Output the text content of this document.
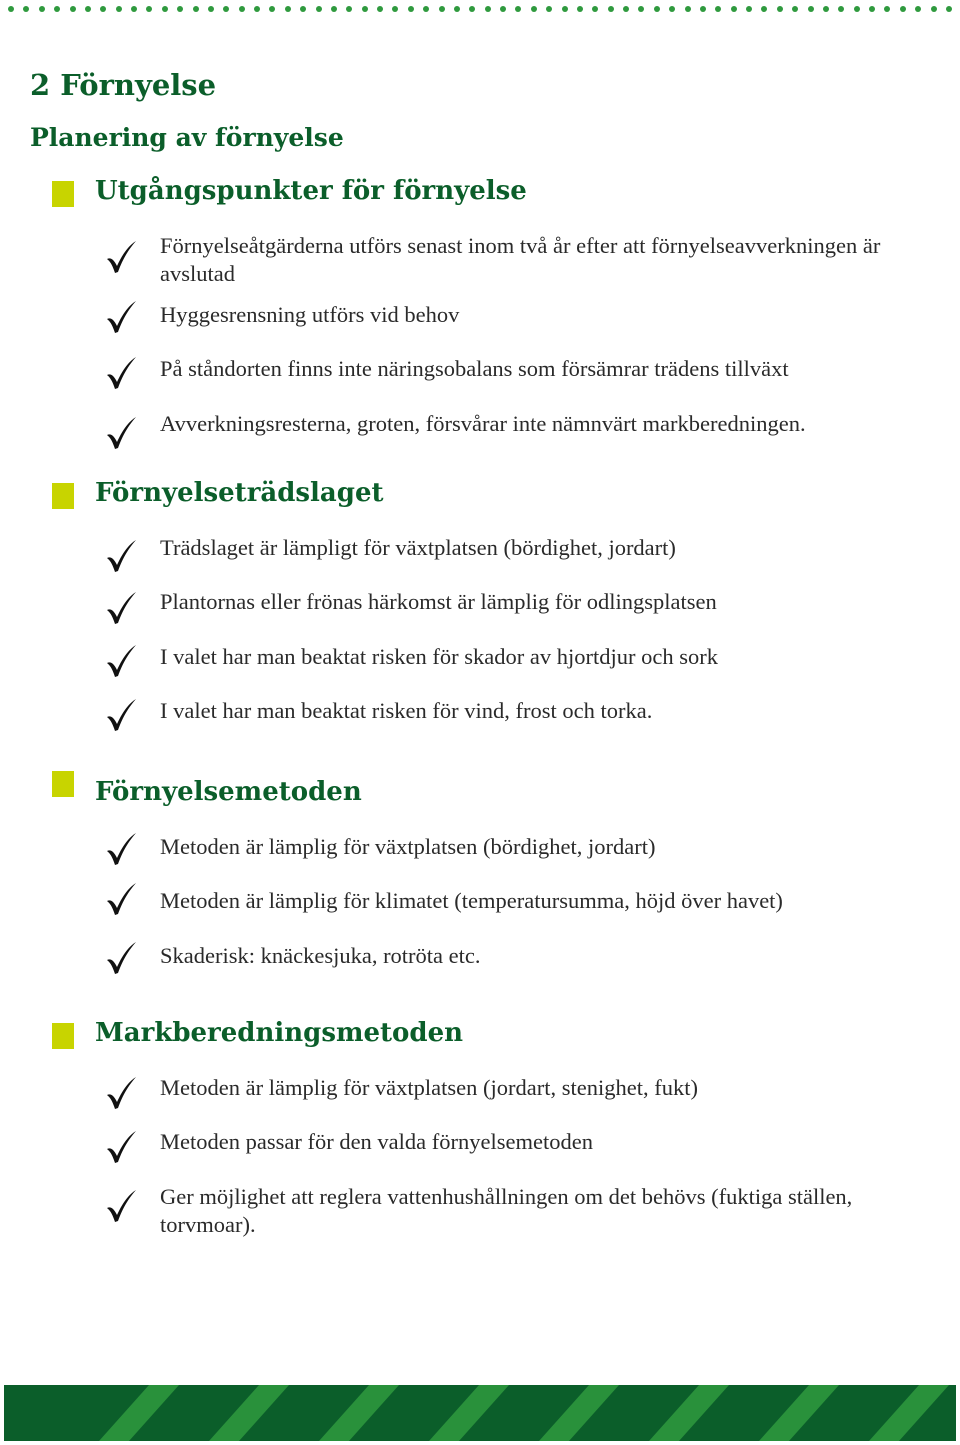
2 Förnyelse
Planering av förnyelse
Utgångspunkter för förnyelse
Förnyelseåtgärderna utförs senast inom två år efter att förnyelseavverkningen är avslutad
Hyggesrensning utförs vid behov
På ståndorten finns inte näringsobalans som försämrar trädens tillväxt
Avverkningsresterna, groten, försvårar inte nämnvärt markberedningen.
Förnyelseträdslaget
Trädslaget är lämpligt för växtplatsen (bördighet, jordart)
Plantornas eller frönas härkomst är lämplig för odlingsplatsen
I valet har man beaktat risken för skador av hjortdjur och sork
I valet har man beaktat risken för vind, frost och torka.
Förnyelsemetoden
Metoden är lämplig för växtplatsen (bördighet, jordart)
Metoden är lämplig för klimatet (temperatursumma, höjd över havet)
Skaderisk: knäckesjuka, rotröta etc.
Markberedningsmetoden
Metoden är lämplig för växtplatsen (jordart, stenighet, fukt)
Metoden passar för den valda förnyelsemetoden
Ger möjlighet att reglera vattenhushållningen om det behövs (fuktiga ställen, torvmoar).
